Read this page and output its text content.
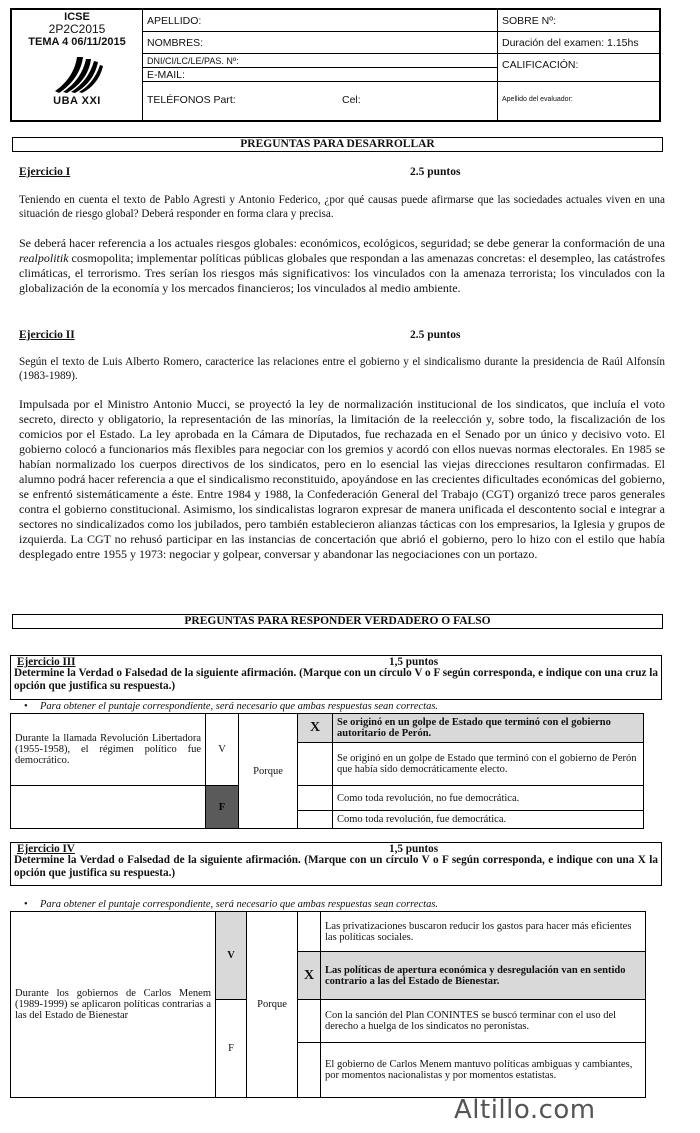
ICSE
2P2C2015
TEMA 4 06/11/2015
UBA XXI
APELLIDO:
NOMBRES:
DNI/CI/LC/LE/PAS. Nº:
E-MAIL:
TELÉFONOS Part:	Cel:
SOBRE Nº:
Duración del examen: 1.15hs
CALIFICACIÓN:
Apellido del evaluador:
PREGUNTAS PARA DESARROLLAR
Ejercicio I	2.5 puntos

Teniendo en cuenta el texto de Pablo Agresti y Antonio Federico, ¿por qué causas puede afirmarse que las sociedades actuales viven en una situación de riesgo global? Deberá responder en forma clara y precisa.

Se deberá hacer referencia a los actuales riesgos globales: económicos, ecológicos, seguridad; se debe generar la conformación de una realpolitik cosmopolita; implementar políticas públicas globales que respondan a las amenazas concretas: el desempleo, las catástrofes climáticas, el terrorismo. Tres serían los riesgos más significativos: los vinculados con la amenaza terrorista; los vinculados con la globalización de la economía y los mercados financieros; los vinculados al medio ambiente.

Ejercicio II	2.5 puntos

Según el texto de Luis Alberto Romero, caracterice las relaciones entre el gobierno y el sindicalismo durante la presidencia de Raúl Alfonsín (1983-1989).

Impulsada por el Ministro Antonio Mucci, se proyectó la ley de normalización institucional de los sindicatos, que incluía el voto secreto, directo y obligatorio, la representación de las minorías, la limitación de la reelección y, sobre todo, la fiscalización de los comicios por el Estado. La ley aprobada en la Cámara de Diputados, fue rechazada en el Senado por un único y decisivo voto. El gobierno colocó a funcionarios más flexibles para negociar con los gremios y acordó con ellos nuevas normas electorales. En 1985 se habían normalizado los cuerpos directivos de los sindicatos, pero en lo esencial las viejas direcciones resultaron confirmadas. El alumno podrá hacer referencia a que el sindicalismo reconstituido, apoyándose en las crecientes dificultades económicas del gobierno, se enfrentó sistemáticamente a éste. Entre 1984 y 1988, la Confederación General del Trabajo (CGT) organizó trece paros generales contra el gobierno constitucional. Asimismo, los sindicalistas lograron expresar de manera unificada el descontento social e integrar a sectores no sindicalizados como los jubilados, pero también establecieron alianzas tácticas con los empresarios, la Iglesia y grupos de izquierda. La CGT no rehusó participar en las instancias de concertación que abrió el gobierno, pero lo hizo con el estilo que había desplegado entre 1955 y 1973: negociar y golpear, conversar y abandonar las negociaciones con un portazo.

PREGUNTAS PARA RESPONDER VERDADERO O FALSO
Ejercicio III	1,5 puntos
Determine la Verdad o Falsedad de la siguiente afirmación. (Marque con un círculo V o F según corresponda, e indique con una cruz la opción que justifica su respuesta.)
• Para obtener el puntaje correspondiente, será necesario que ambas respuestas sean correctas.
Durante la llamada Revolución Libertadora (1955-1958), el régimen político fue democrático.	V	Porque	X	Se originó en un golpe de Estado que terminó con el gobierno autoritario de Perón.
				Se originó en un golpe de Estado que terminó con el gobierno de Perón que había sido democráticamente electo.
	F			Como toda revolución, no fue democrática.
				Como toda revolución, fue democrática.
Ejercicio IV	1,5 puntos
Determine la Verdad o Falsedad de la siguiente afirmación. (Marque con un círculo V o F según corresponda, e indique con una X la opción que justifica su respuesta.)
• Para obtener el puntaje correspondiente, será necesario que ambas respuestas sean correctas.
Durante los gobiernos de Carlos Menem (1989-1999) se aplicaron políticas contrarias a las del Estado de Bienestar	V	Porque		Las privatizaciones buscaron reducir los gastos para hacer más eficientes las políticas sociales.
			X	Las políticas de apertura económica y desregulación van en sentido contrario a las del Estado de Bienestar.
	F			Con la sanción del Plan CONINTES se buscó terminar con el uso del derecho a huelga de los sindicatos no peronistas.
				El gobierno de Carlos Menem mantuvo políticas ambiguas y cambiantes, por momentos nacionalistas y por momentos estatistas.
Altillo.com
